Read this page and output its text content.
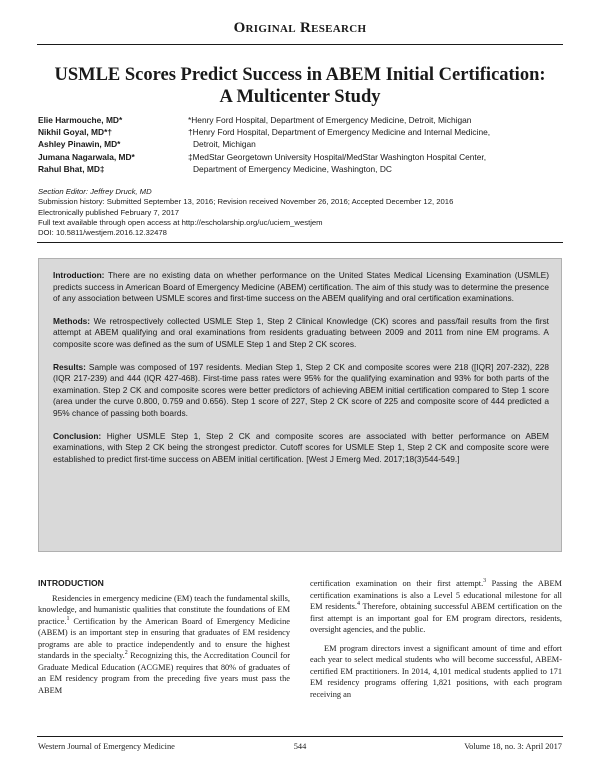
Original Research
USMLE Scores Predict Success in ABEM Initial Certification:
A Multicenter Study
Elie Harmouche, MD*
Nikhil Goyal, MD*†
Ashley Pinawin, MD*
Jumana Nagarwala, MD*
Rahul Bhat, MD‡
*Henry Ford Hospital, Department of Emergency Medicine, Detroit, Michigan
†Henry Ford Hospital, Department of Emergency Medicine and Internal Medicine,
Detroit, Michigan
‡MedStar Georgetown University Hospital/MedStar Washington Hospital Center,
Department of Emergency Medicine, Washington, DC
Section Editor: Jeffrey Druck, MD
Submission history: Submitted September 13, 2016; Revision received November 26, 2016; Accepted December 12, 2016
Electronically published February 7, 2017
Full text available through open access at http://escholarship.org/uc/uciem_westjem
DOI: 10.5811/westjem.2016.12.32478

Introduction: There are no existing data on whether performance on the United States Medical Licensing Examination (USMLE) predicts success in American Board of Emergency Medicine (ABEM) certification. The aim of this study was to determine the presence of any association between USMLE scores and first-time success on the ABEM qualifying and oral certification examinations.

Methods: We retrospectively collected USMLE Step 1, Step 2 Clinical Knowledge (CK) scores and pass/fail results from the first attempt at ABEM qualifying and oral examinations from residents graduating between 2009 and 2011 from nine EM programs. A composite score was defined as the sum of USMLE Step 1 and Step 2 CK scores.

Results: Sample was composed of 197 residents. Median Step 1, Step 2 CK and composite scores were 218 ([IQR] 207-232), 228 (IQR 217-239) and 444 (IQR 427-468). First-time pass rates were 95% for the qualifying examination and 93% for both parts of the examination. Step 2 CK and composite scores were better predictors of achieving ABEM initial certification compared to Step 1 score (area under the curve 0.800, 0.759 and 0.656). Step 1 score of 227, Step 2 CK score of 225 and composite score of 444 predicted a 95% chance of passing both boards.

Conclusion: Higher USMLE Step 1, Step 2 CK and composite scores are associated with better performance on ABEM examinations, with Step 2 CK being the strongest predictor. Cutoff scores for USMLE Step 1, Step 2 CK and composite score were established to predict first-time success on ABEM initial certification. [West J Emerg Med. 2017;18(3)544-549.]

INTRODUCTION

Residencies in emergency medicine (EM) teach the fundamental skills, knowledge, and humanistic qualities that constitute the foundations of EM practice.$^1$ Certification by the American Board of Emergency Medicine (ABEM) is an important step in ensuring that graduates of EM residency programs are able to practice independently and to ensure the highest standards in the specialty.$^2$ Recognizing this, the Accreditation Council for Graduate Medical Education (ACGME) requires that 80% of graduates of an EM residency program from the preceding five years must pass the ABEM

certification examination on their first attempt.$^3$ Passing the ABEM certification examinations is also a Level 5 educational milestone for all EM residents.$^4$ Therefore, obtaining successful ABEM certification on the first attempt is an important goal for EM program directors, residents, oversight agencies, and the public.

EM program directors invest a significant amount of time and effort each year to select medical students who will become successful, ABEM-certified EM practitioners. In 2014, 4,101 medical students applied to 171 EM residency programs offering 1,821 positions, with each program receiving an

Western Journal of Emergency Medicine	544	Volume 18, no. 3: April 2017
